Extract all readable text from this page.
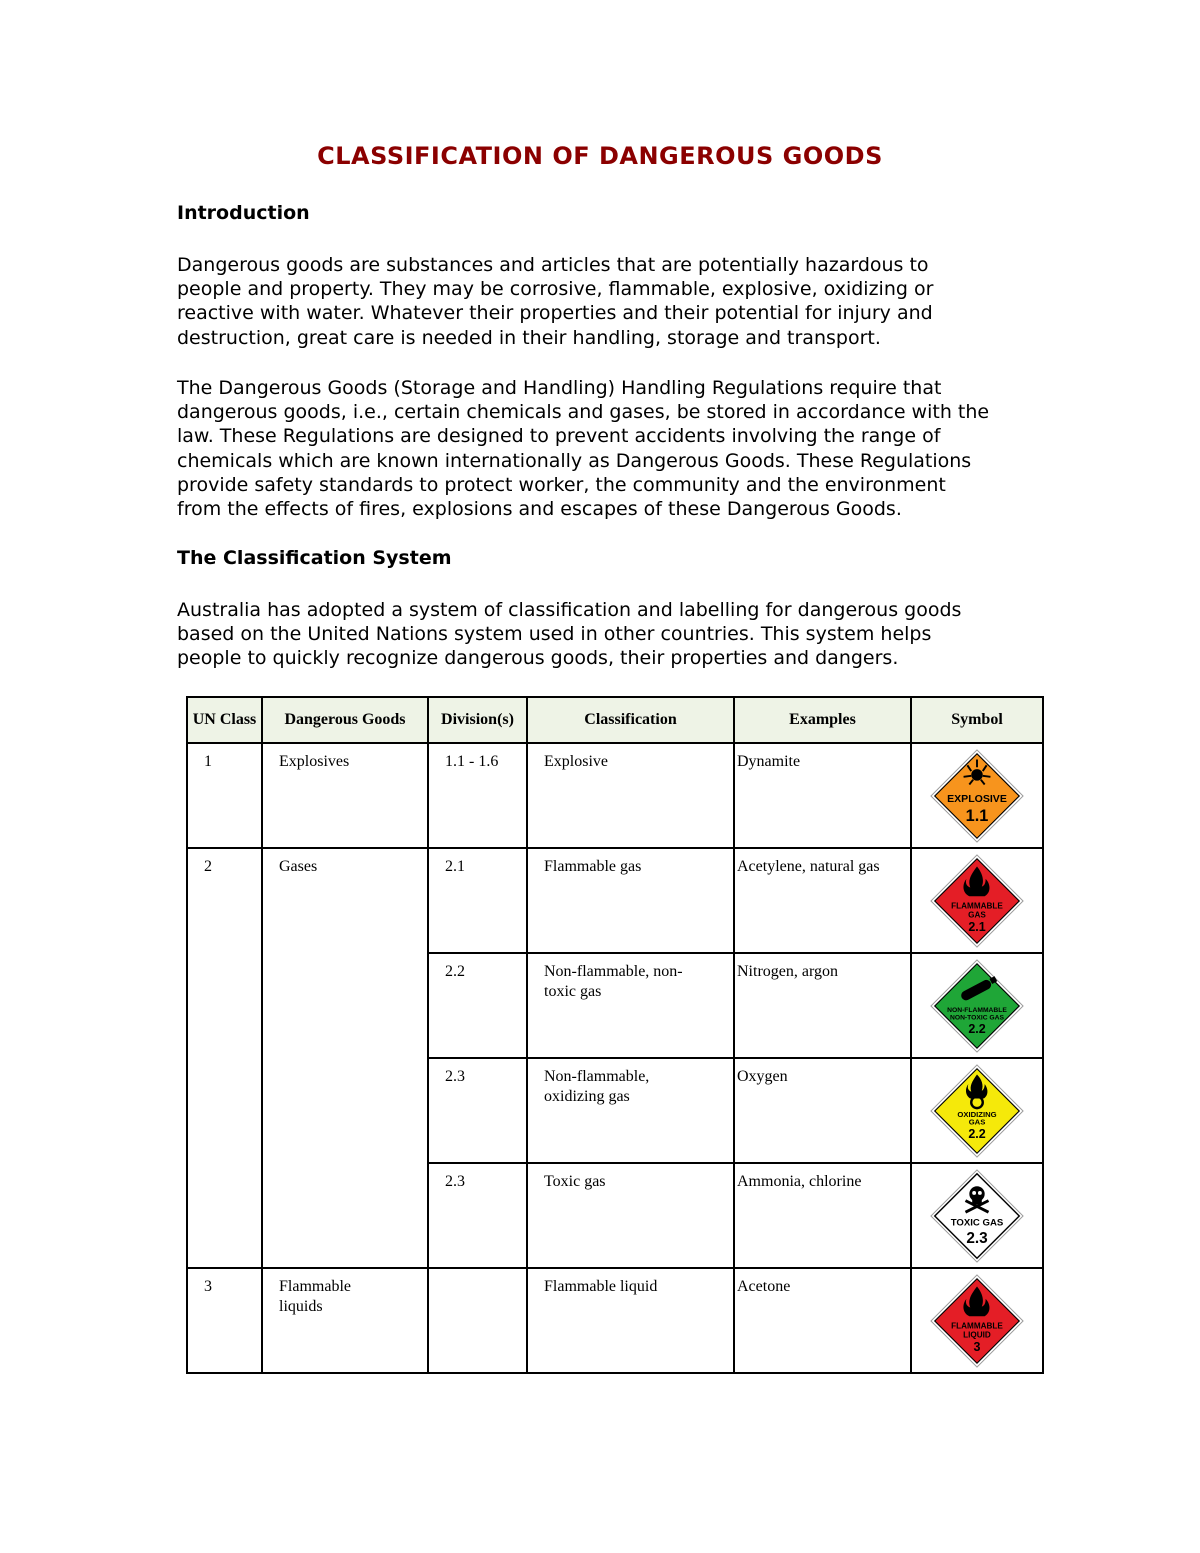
CLASSIFICATION OF DANGEROUS GOODS
Introduction
Dangerous goods are substances and articles that are potentially hazardous to
people and property. They may be corrosive, flammable, explosive, oxidizing or
reactive with water. Whatever their properties and their potential for injury and
destruction, great care is needed in their handling, storage and transport.
The Dangerous Goods (Storage and Handling) Handling Regulations require that
dangerous goods, i.e., certain chemicals and gases, be stored in accordance with the
law. These Regulations are designed to prevent accidents involving the range of
chemicals which are known internationally as Dangerous Goods. These Regulations
provide safety standards to protect worker, the community and the environment
from the effects of fires, explosions and escapes of these Dangerous Goods.
The Classification System
Australia has adopted a system of classification and labelling for dangerous goods
based on the United Nations system used in other countries. This system helps
people to quickly recognize dangerous goods, their properties and dangers.
UN Class	Dangerous Goods	Division(s)	Classification	Examples	Symbol

1	Explosives	1.1 - 1.6	Explosive	Dynamite	EXPLOSIVE
1.1

2	Gases	2.1	Flammable gas	Acetylene, natural gas	FLAMMABLE
GAS
2.1

		2.2	Non-flammable, non-toxic gas	Nitrogen, argon	NON-FLAMMABLE
NON-TOXIC GAS
2.2

		2.3	Non-flammable, oxidizing gas	Oxygen	OXIDIZING
GAS
2.2

		2.3	Toxic gas	Ammonia, chlorine	TOXIC GAS
2.3

3	Flammable liquids		Flammable liquid	Acetone	FLAMMABLE
LIQUID
3
